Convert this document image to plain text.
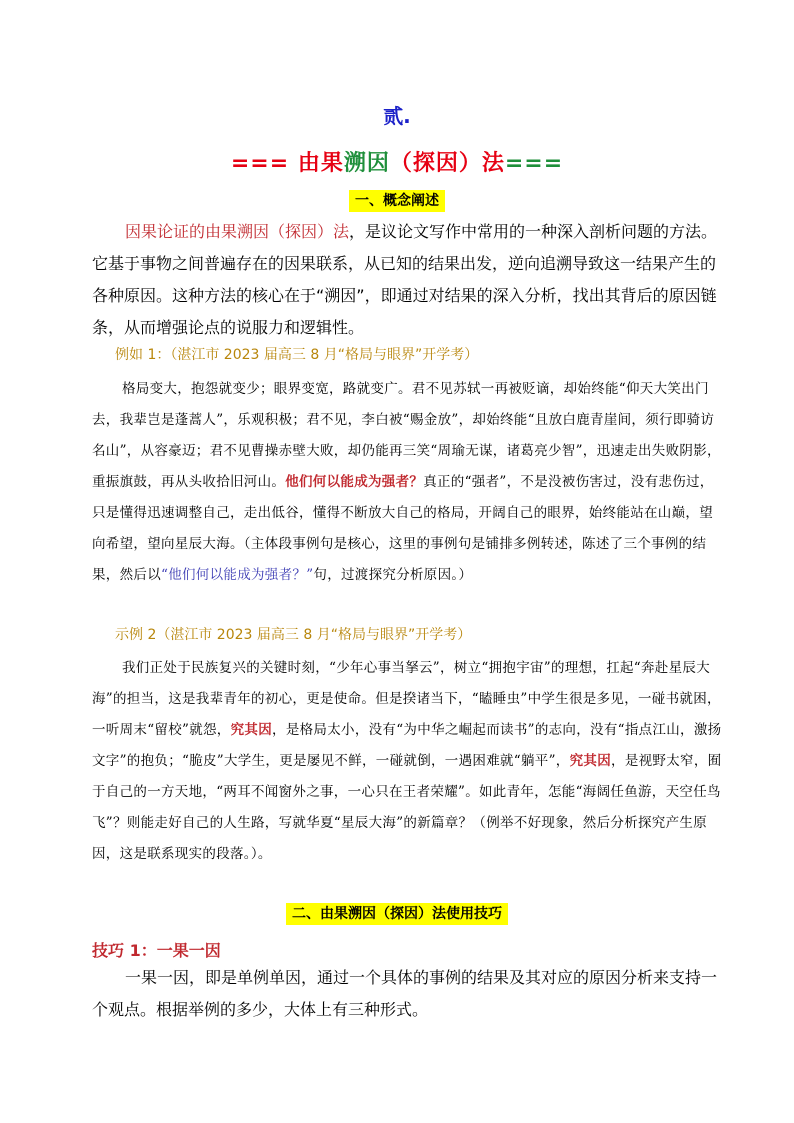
贰.
=== 由果溯因（探因）法===
一、概念阐述
因果论证的由果溯因（探因）法，是议论文写作中常用的一种深入剖析问题的方法。它基于事物之间普遍存在的因果联系，从已知的结果出发，逆向追溯导致这一结果产生的各种原因。这种方法的核心在于“溯因”，即通过对结果的深入分析，找出其背后的原因链条，从而增强论点的说服力和逻辑性。
例如 1：（湛江市 2023 届高三 8 月“格局与眼界”开学考）
格局变大，抱怨就变少；眼界变宽，路就变广。君不见苏轼一再被贬谪，却始终能“仰天大笑出门去，我辈岂是蓬蒿人”，乐观积极；君不见，李白被“赐金放”，却始终能“且放白鹿青崖间，须行即骑访名山”，从容豪迈；君不见曹操赤壁大败，却仍能再三笑“周瑜无谋，诸葛亮少智”，迅速走出失败阴影，重振旗鼓，再从头收拾旧河山。他们何以能成为强者？真正的“强者”，不是没被伤害过，没有悲伤过，只是懂得迅速调整自己，走出低谷，懂得不断放大自己的格局，开阔自己的眼界，始终能站在山巅，望向希望，望向星辰大海。（主体段事例句是核心，这里的事例句是铺排多例转述，陈述了三个事例的结果，然后以“他们何以能成为强者？”句，过渡探究分析原因。）
示例 2（湛江市 2023 届高三 8 月“格局与眼界”开学考）
我们正处于民族复兴的关键时刻，“少年心事当拏云”，树立“拥抱宇宙”的理想，扛起“奔赴星辰大海”的担当，这是我辈青年的初心，更是使命。但是揆诸当下，“瞌睡虫”中学生很是多见，一碰书就困，一听周末“留校”就怨，究其因，是格局太小，没有“为中华之崛起而读书”的志向，没有“指点江山，激扬文字”的抱负；“脆皮”大学生，更是屡见不鲜，一碰就倒，一遇困难就“躺平”，究其因，是视野太窄，囿于自己的一方天地，“两耳不闻窗外之事，一心只在王者荣耀”。如此青年，怎能“海阔任鱼游，天空任鸟飞”？则能走好自己的人生路，写就华夏“星辰大海”的新篇章？（例举不好现象，然后分析探究产生原因，这是联系现实的段落。）。
二、由果溯因（探因）法使用技巧
技巧 1：一果一因
一果一因，即是单例单因，通过一个具体的事例的结果及其对应的原因分析来支持一个观点。根据举例的多少，大体上有三种形式。
